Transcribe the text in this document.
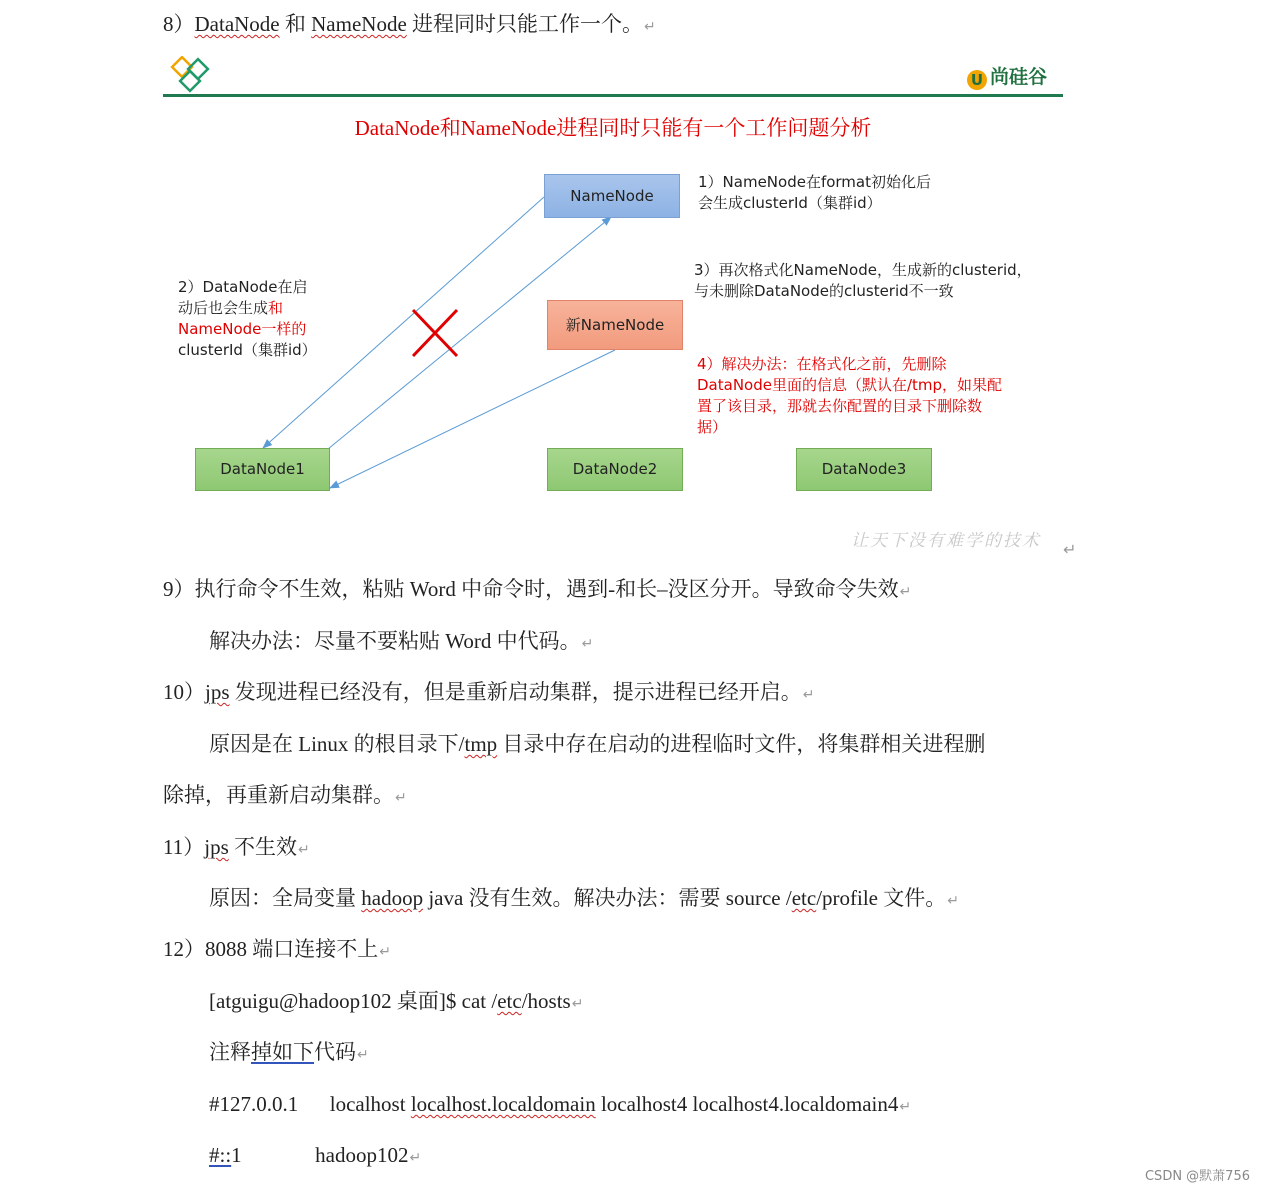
8）DataNode 和 NameNode 进程同时只能工作一个。↵
U 尚硅谷
DataNode和NameNode进程同时只能有一个工作问题分析
NameNode
新NameNode
DataNode1	DataNode2	DataNode3
1）NameNode在format初始化后
会生成clusterId（集群id）
2）DataNode在启
动后也会生成和
NameNode一样的
clusterId（集群id）
3）再次格式化NameNode，生成新的clusterid，
与未删除DataNode的clusterid不一致
4）解决办法：在格式化之前，先删除
DataNode里面的信息（默认在/tmp，如果配
置了该目录，那就去你配置的目录下删除数
据）
让天下没有难学的技术 ↵
9）执行命令不生效，粘贴 Word 中命令时，遇到-和长–没区分开。导致命令失效↵
解决办法：尽量不要粘贴 Word 中代码。↵
10）jps 发现进程已经没有，但是重新启动集群，提示进程已经开启。↵
原因是在 Linux 的根目录下/tmp 目录中存在启动的进程临时文件，将集群相关进程删
除掉，再重新启动集群。↵
11）jps 不生效↵
原因：全局变量 hadoop java 没有生效。解决办法：需要 source /etc/profile 文件。↵
12）8088 端口连接不上↵
[atguigu@hadoop102 桌面]$ cat /etc/hosts↵
注释掉如下代码↵
#127.0.0.1      localhost localhost.localdomain localhost4 localhost4.localdomain4↵
#::1              hadoop102↵
CSDN @默萧756
